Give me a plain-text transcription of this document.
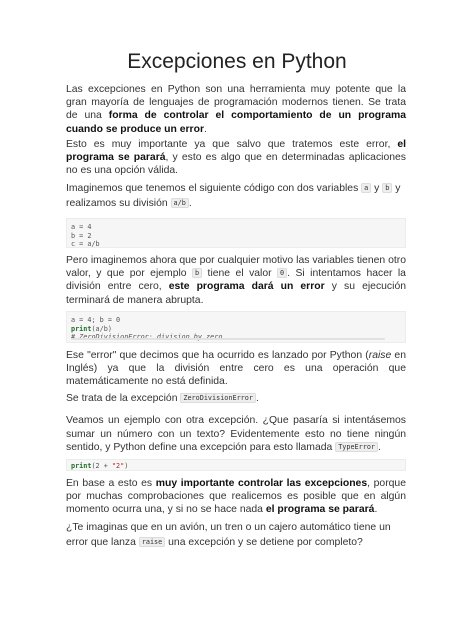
Excepciones en Python

Las excepciones en Python son una herramienta muy potente que la gran mayoría de lenguajes de programación modernos tienen. Se trata de una forma de controlar el comportamiento de un programa cuando se produce un error.

Esto es muy importante ya que salvo que tratemos este error, el programa se parará, y esto es algo que en determinadas aplicaciones no es una opción válida.

Imaginemos que tenemos el siguiente código con dos variables a y b y realizamos su división a/b .

a = 4
b = 2
c = a/b

Pero imaginemos ahora que por cualquier motivo las variables tienen otro valor, y que por ejemplo b tiene el valor 0 . Si intentamos hacer la división entre cero, este programa dará un error y su ejecución terminará de manera abrupta.

a = 4; b = 0
print(a/b)

Ese "error" que decimos que ha ocurrido es lanzado por Python (raise en Inglés) ya que la división entre cero es una operación que matemáticamente no está definida.

Se trata de la excepción ZeroDivisionError .

Veamos un ejemplo con otra excepción. ¿Que pasaría si intentásemos sumar un número con un texto? Evidentemente esto no tiene ningún sentido, y Python define una excepción para esto llamada TypeError .

print(2 + "2")

En base a esto es muy importante controlar las excepciones, porque por muchas comprobaciones que realicemos es posible que en algún momento ocurra una, y si no se hace nada el programa se parará.

¿Te imaginas que en un avión, un tren o un cajero automático tiene un error que lanza raise una excepción y se detiene por completo?
